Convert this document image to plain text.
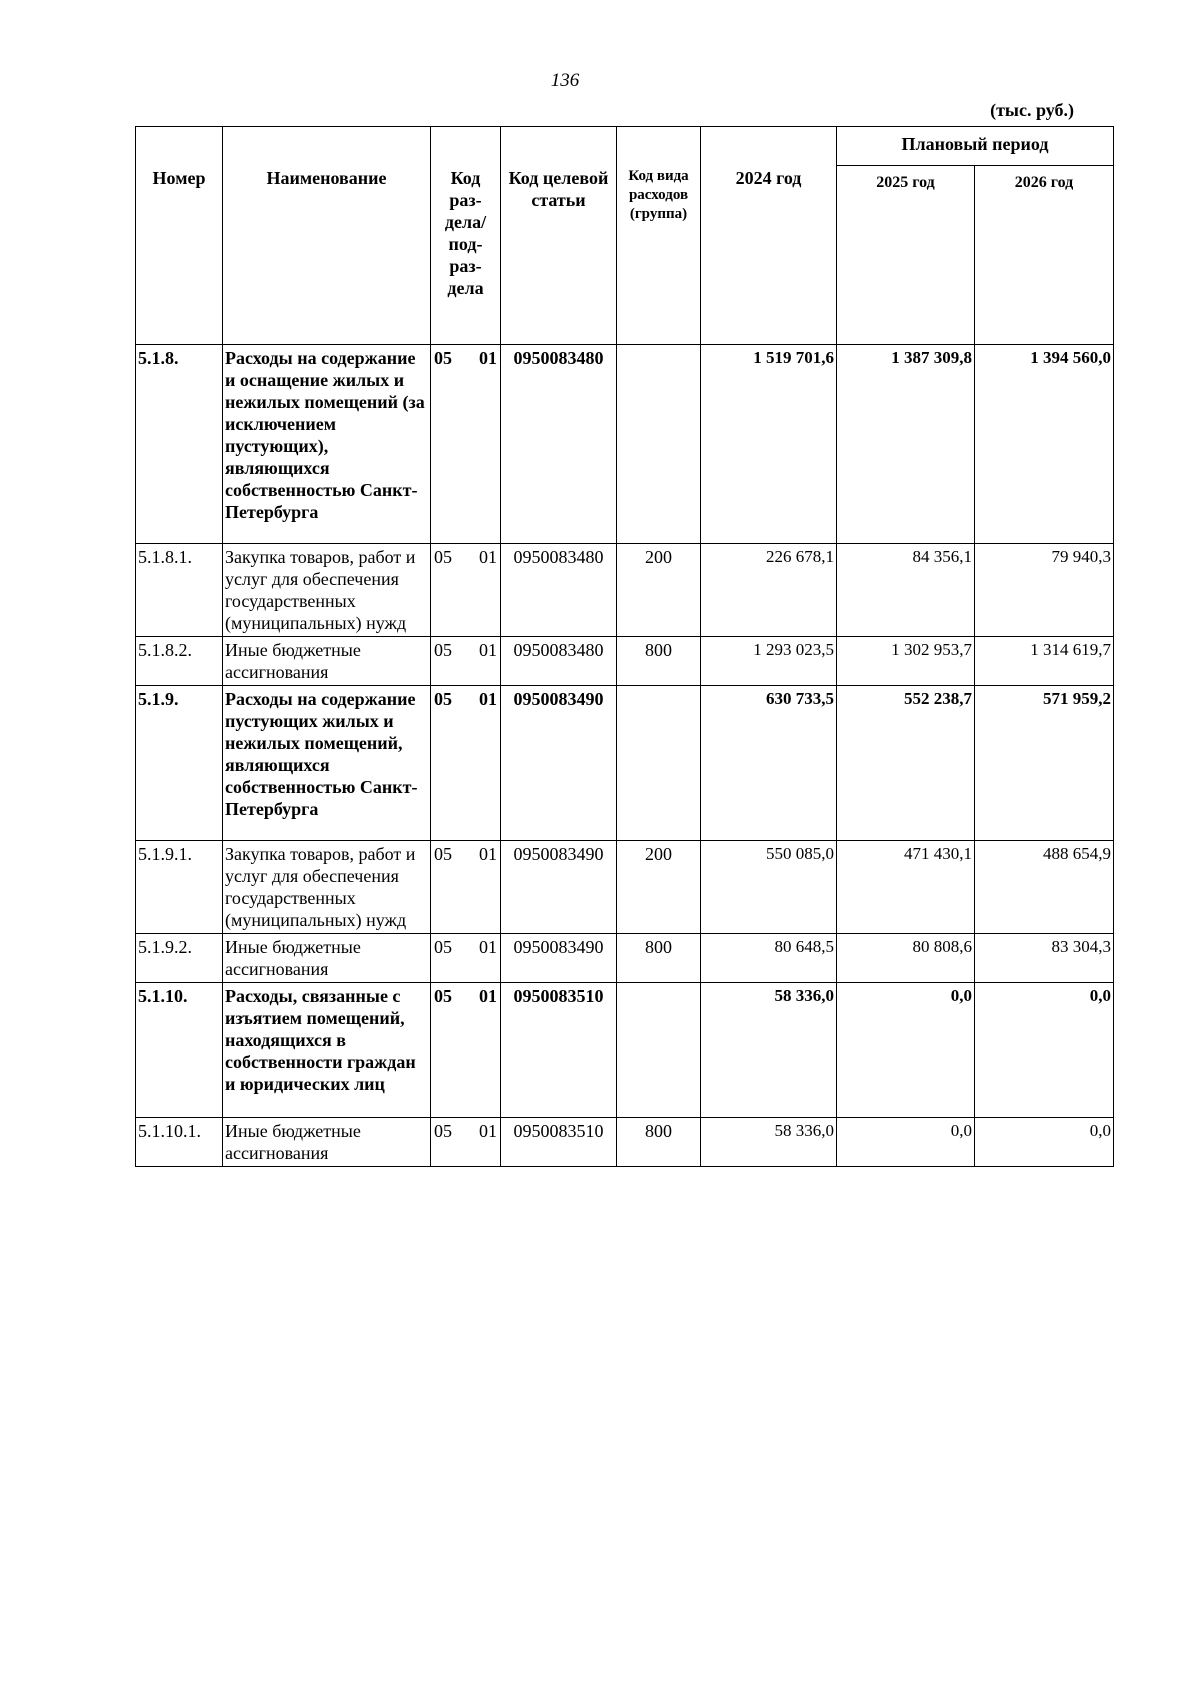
136
(тыс. руб.)
Номер	Наименование	Код раз-дела/ под-раз-дела	Код целевой статьи	Код вида расходов (группа)	2024 год	Плановый период	
						2025 год	2026 год
5.1.8.	Расходы на содержание и оснащение жилых и нежилых помещений (за исключением пустующих), являющихся собственностью Санкт-Петербурга	05 01	0950083480		1 519 701,6	1 387 309,8	1 394 560,0
5.1.8.1.	Закупка товаров, работ и услуг для обеспечения государственных (муниципальных) нужд	05 01	0950083480	200	226 678,1	84 356,1	79 940,3
5.1.8.2.	Иные бюджетные ассигнования	05 01	0950083480	800	1 293 023,5	1 302 953,7	1 314 619,7
5.1.9.	Расходы на содержание пустующих жилых и нежилых помещений, являющихся собственностью Санкт-Петербурга	05 01	0950083490		630 733,5	552 238,7	571 959,2
5.1.9.1.	Закупка товаров, работ и услуг для обеспечения государственных (муниципальных) нужд	05 01	0950083490	200	550 085,0	471 430,1	488 654,9
5.1.9.2.	Иные бюджетные ассигнования	05 01	0950083490	800	80 648,5	80 808,6	83 304,3
5.1.10.	Расходы, связанные с изъятием помещений, находящихся в собственности граждан и юридических лиц	05 01	0950083510		58 336,0	0,0	0,0
5.1.10.1.	Иные бюджетные ассигнования	05 01	0950083510	800	58 336,0	0,0	0,0
